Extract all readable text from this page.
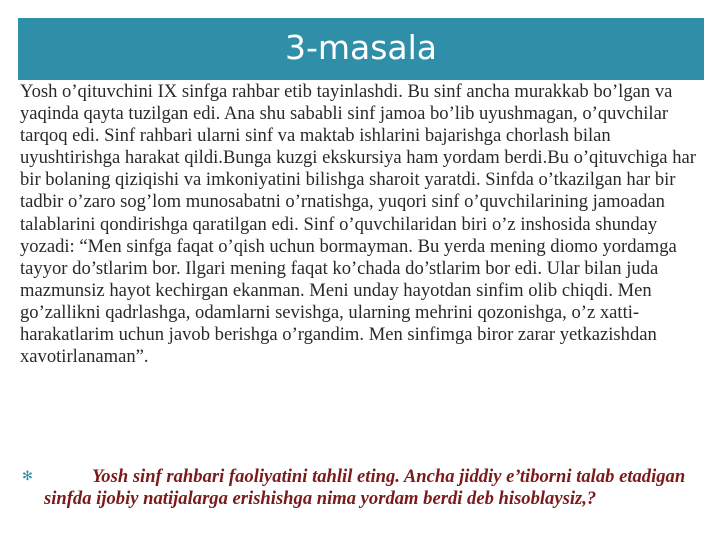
3-masala

Yosh o’qituvchini IX sinfga rahbar etib tayinlashdi. Bu sinf ancha murakkab bo’lgan va yaqinda qayta tuzilgan edi. Ana shu sababli sinf jamoa bo’lib uyushmagan, o’quvchilar tarqoq edi. Sinf rahbari ularni sinf va maktab ishlarini bajarishga chorlash bilan uyushtirishga harakat qildi.Bunga kuzgi ekskursiya ham yordam berdi.Bu o’qituvchiga har bir bolaning qiziqishi va imkoniyatini bilishga sharoit yaratdi. Sinfda o’tkazilgan har bir tadbir o’zaro sog’lom munosabatni o’rnatishga, yuqori sinf o’quvchilarining jamoadan talablarini qondirishga qaratilgan edi. Sinf o’quvchilaridan biri o’z inshosida shunday yozadi: “Men sinfga faqat o’qish uchun bormayman. Bu yerda mening diomo yordamga tayyor do’stlarim bor. Ilgari mening faqat ko’chada do’stlarim bor edi. Ular bilan juda mazmunsiz hayot kechirgan ekanman. Meni unday hayotdan sinfim olib chiqdi. Men go’zallikni qadrlashga, odamlarni sevishga, ularning mehrini qozonishga, o’z xatti-harakatlarim uchun javob berishga o’rgandim. Men sinfimga biror zarar yetkazishdan xavotirlanaman”.

✻	Yosh sinf rahbari faoliyatini tahlil eting. Ancha jiddiy e’tiborni talab etadigan sinfda ijobiy natijalarga erishishga nima yordam berdi deb hisoblaysiz,?
